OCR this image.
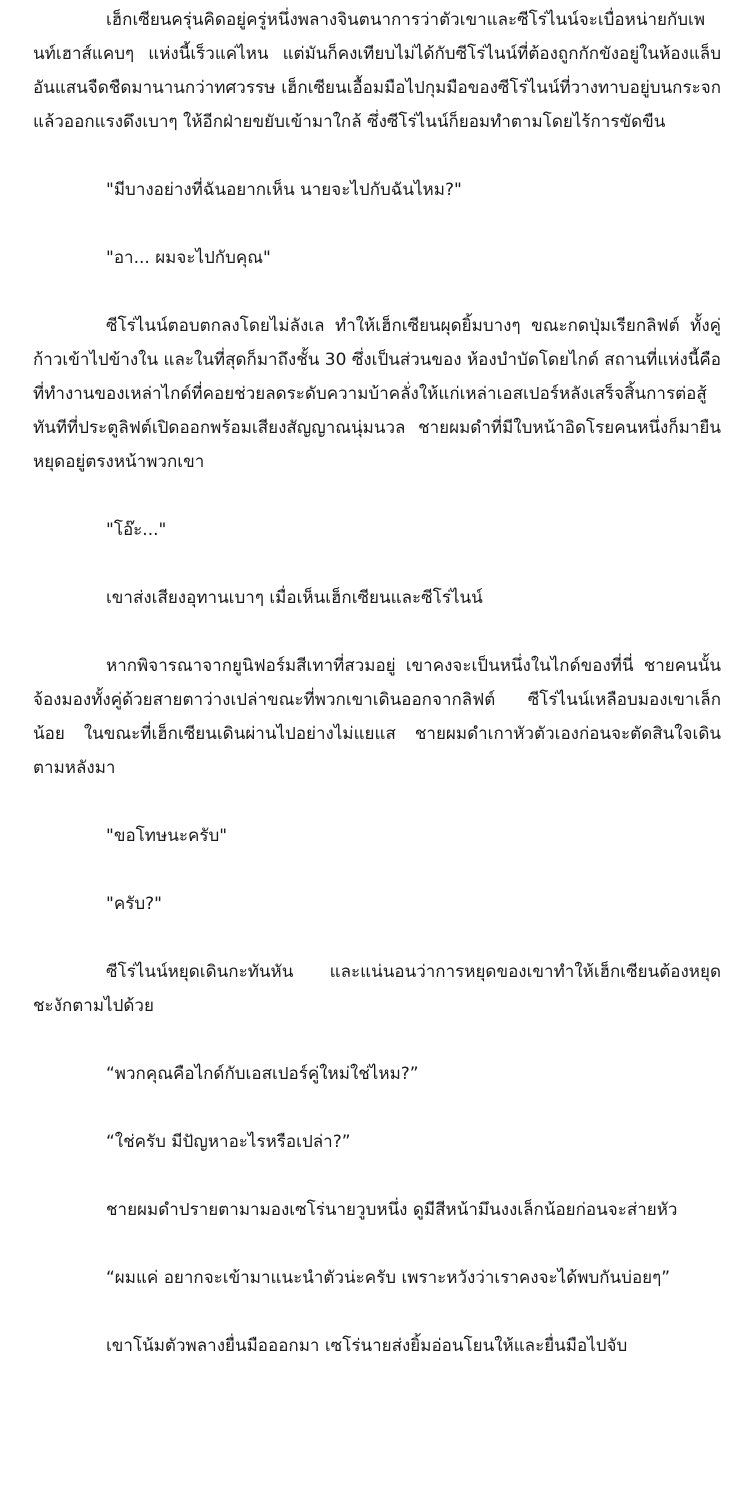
เฮ็กเซียนครุ่นคิดอยู่ครู่หนึ่งพลางจินตนาการว่าตัวเขาและซีโร่ไนน์จะเบื่อหน่ายกับเพนท์เฮาส์แคบๆ แห่งนี้เร็วแค่ไหน แต่มันก็คงเทียบไม่ได้กับซีโร่ไนน์ที่ต้องถูกกักขังอยู่ในห้องแล็บอันแสนจืดชืดมานานกว่าทศวรรษ เฮ็กเซียนเอื้อมมือไปกุมมือของซีโร่ไนน์ที่วางทาบอยู่บนกระจก แล้วออกแรงดึงเบาๆ ให้อีกฝ่ายขยับเข้ามาใกล้ ซึ่งซีโร่ไนน์ก็ยอมทำตามโดยไร้การขัดขืน

"มีบางอย่างที่ฉันอยากเห็น นายจะไปกับฉันไหม?"

"อา... ผมจะไปกับคุณ"

ซีโร่ไนน์ตอบตกลงโดยไม่ลังเล ทำให้เฮ็กเซียนผุดยิ้มบางๆ ขณะกดปุ่มเรียกลิฟต์ ทั้งคู่ก้าวเข้าไปข้างใน และในที่สุดก็มาถึงชั้น 30 ซึ่งเป็นส่วนของ ห้องบำบัดโดยไกด์ สถานที่แห่งนี้คือที่ทำงานของเหล่าไกด์ที่คอยช่วยลดระดับความบ้าคลั่งให้แก่เหล่าเอสเปอร์หลังเสร็จสิ้นการต่อสู้ ทันทีที่ประตูลิฟต์เปิดออกพร้อมเสียงสัญญาณนุ่มนวล ชายผมดำที่มีใบหน้าอิดโรยคนหนึ่งก็มายืนหยุดอยู่ตรงหน้าพวกเขา

"โอ๊ะ..."

เขาส่งเสียงอุทานเบาๆ เมื่อเห็นเฮ็กเซียนและซีโร่ไนน์

หากพิจารณาจากยูนิฟอร์มสีเทาที่สวมอยู่ เขาคงจะเป็นหนึ่งในไกด์ของที่นี่ ชายคนนั้นจ้องมองทั้งคู่ด้วยสายตาว่างเปล่าขณะที่พวกเขาเดินออกจากลิฟต์ ซีโร่ไนน์เหลือบมองเขาเล็กน้อย ในขณะที่เฮ็กเซียนเดินผ่านไปอย่างไม่แยแส ชายผมดำเกาหัวตัวเองก่อนจะตัดสินใจเดินตามหลังมา

"ขอโทษนะครับ"

"ครับ?"

ซีโร่ไนน์หยุดเดินกะทันหัน และแน่นอนว่าการหยุดของเขาทำให้เฮ็กเซียนต้องหยุดชะงักตามไปด้วย

“พวกคุณคือไกด์กับเอสเปอร์คู่ใหม่ใช่ไหม?”

“ใช่ครับ มีปัญหาอะไรหรือเปล่า?”

ชายผมดำปรายตามามองเซโร่นายวูบหนึ่ง ดูมีสีหน้ามึนงงเล็กน้อยก่อนจะส่ายหัว

“ผมแค่ อยากจะเข้ามาแนะนำตัวน่ะครับ เพราะหวังว่าเราคงจะได้พบกันบ่อยๆ”

เขาโน้มตัวพลางยื่นมือออกมา เซโร่นายส่งยิ้มอ่อนโยนให้และยื่นมือไปจับ
